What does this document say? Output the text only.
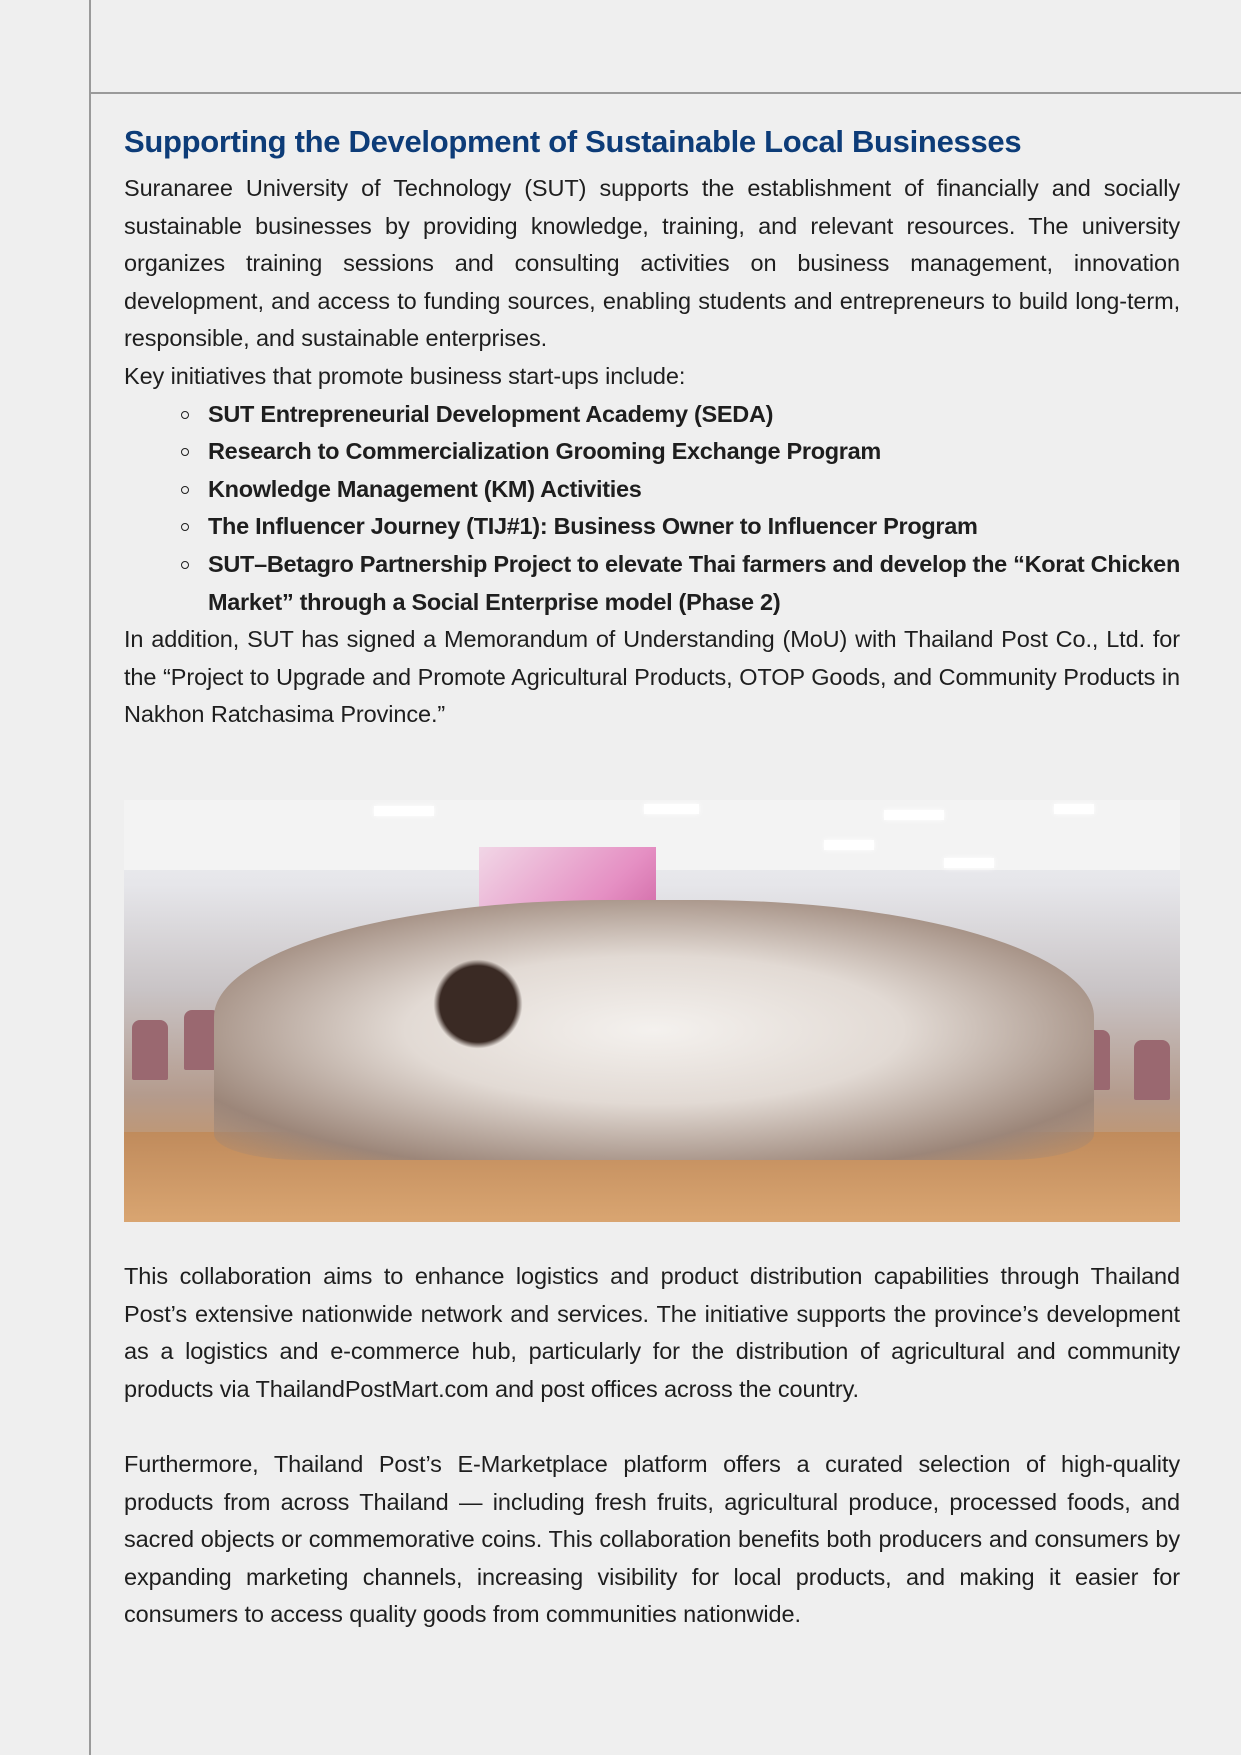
Supporting the Development of Sustainable Local Businesses

Suranaree University of Technology (SUT) supports the establishment of financially and socially sustainable businesses by providing knowledge, training, and relevant resources. The university organizes training sessions and consulting activities on business management, innovation development, and access to funding sources, enabling students and entrepreneurs to build long-term, responsible, and sustainable enterprises.

Key initiatives that promote business start-ups include:

SUT Entrepreneurial Development Academy (SEDA)
Research to Commercialization Grooming Exchange Program
Knowledge Management (KM) Activities
The Influencer Journey (TIJ#1): Business Owner to Influencer Program
SUT–Betagro Partnership Project to elevate Thai farmers and develop the “Korat Chicken Market” through a Social Enterprise model (Phase 2)

In addition, SUT has signed a Memorandum of Understanding (MoU) with Thailand Post Co., Ltd. for the “Project to Upgrade and Promote Agricultural Products, OTOP Goods, and Community Products in Nakhon Ratchasima Province.”

This collaboration aims to enhance logistics and product distribution capabilities through Thailand Post’s extensive nationwide network and services. The initiative supports the province’s development as a logistics and e-commerce hub, particularly for the distribution of agricultural and community products via ThailandPostMart.com and post offices across the country.

Furthermore, Thailand Post’s E-Marketplace platform offers a curated selection of high-quality products from across Thailand — including fresh fruits, agricultural produce, processed foods, and sacred objects or commemorative coins. This collaboration benefits both producers and consumers by expanding marketing channels, increasing visibility for local products, and making it easier for consumers to access quality goods from communities nationwide.
